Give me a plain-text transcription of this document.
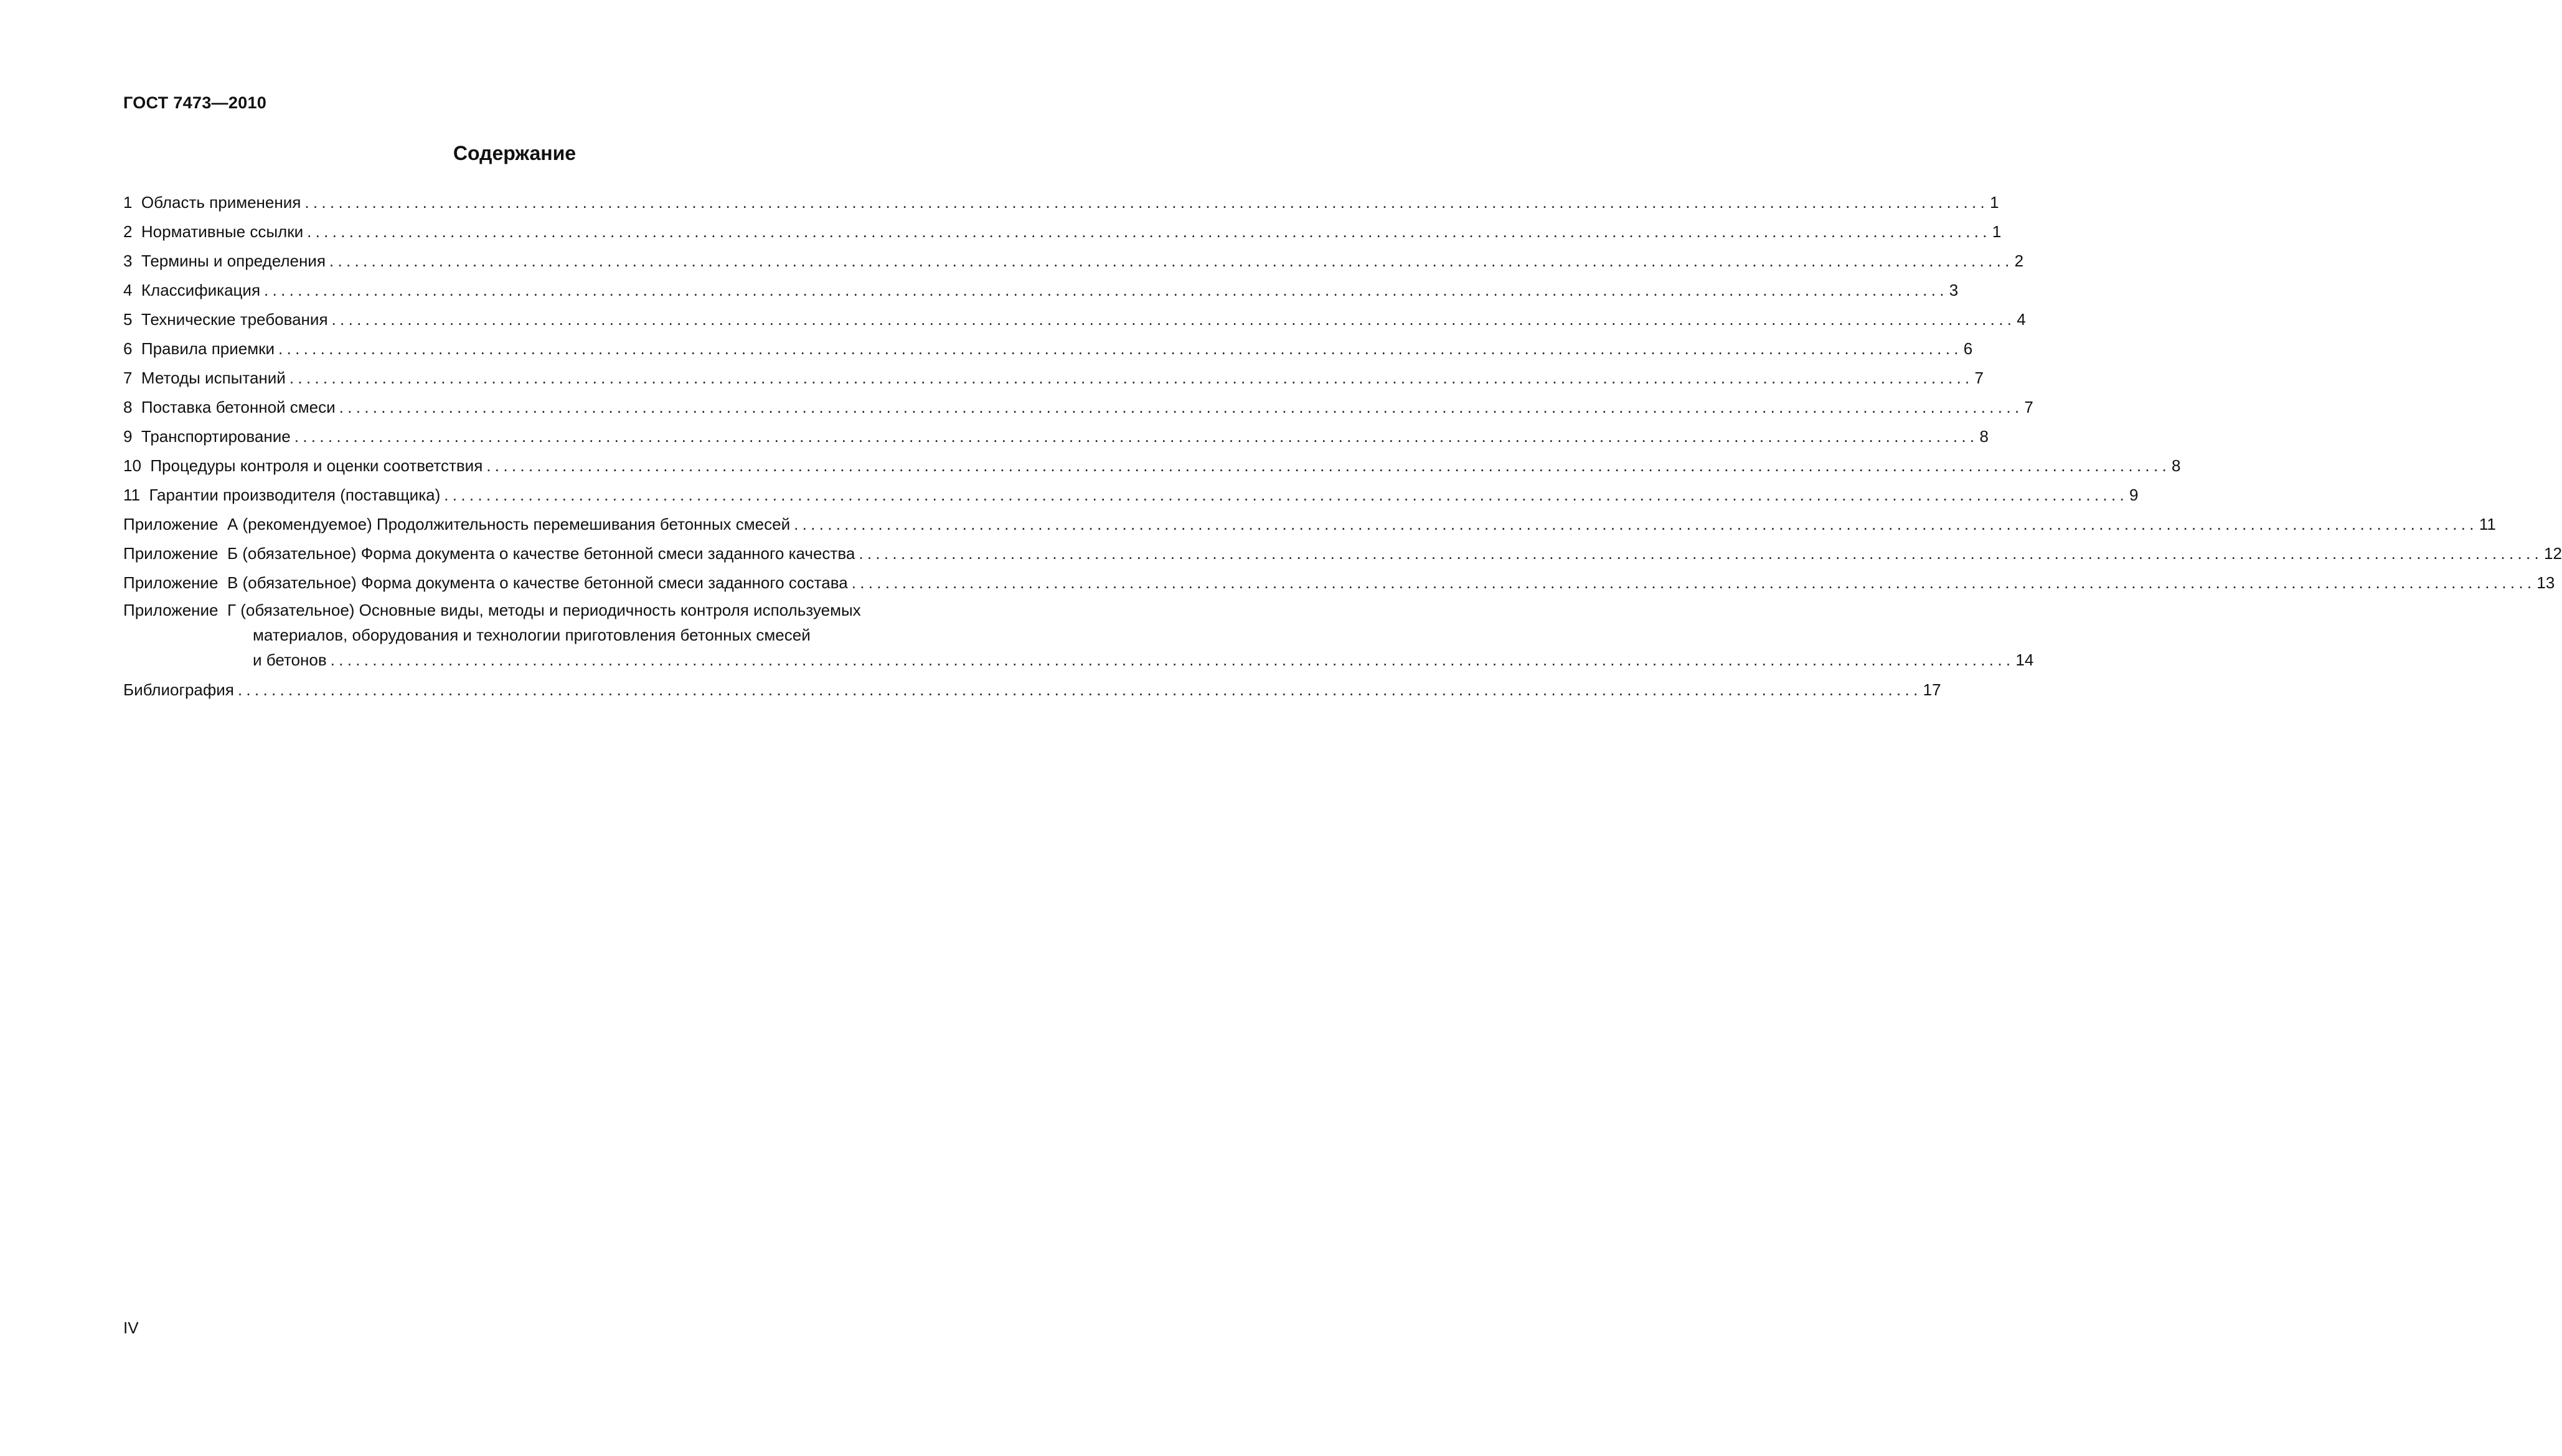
ГОСТ 7473—2010
Содержание
1  Область применения ........................................................................................................................................................................................................ 1
2  Нормативные ссылки ........................................................................................................................................................................................................ 1
3  Термины и определения ........................................................................................................................................................................................................ 2
4  Классификация ........................................................................................................................................................................................................ 3
5  Технические требования ........................................................................................................................................................................................................ 4
6  Правила приемки ........................................................................................................................................................................................................ 6
7  Методы испытаний ........................................................................................................................................................................................................ 7
8  Поставка бетонной смеси ........................................................................................................................................................................................................ 7
9  Транспортирование ........................................................................................................................................................................................................ 8
10  Процедуры контроля и оценки соответствия ........................................................................................................................................................................................................ 8
11  Гарантии производителя (поставщика) ........................................................................................................................................................................................................ 9
Приложение  А (рекомендуемое) Продолжительность перемешивания бетонных смесей ........................................................................................................................................................................................................ 11
Приложение  Б (обязательное) Форма документа о качестве бетонной смеси заданного качества ........................................................................................................................................................................................................ 12
Приложение  В (обязательное) Форма документа о качестве бетонной смеси заданного состава ........................................................................................................................................................................................................ 13
Приложение  Г (обязательное) Основные виды, методы и периодичность контроля используемых
материалов, оборудования и технологии приготовления бетонных смесей
и бетонов ........................................................................................................................................................................................................ 14
Библиография ........................................................................................................................................................................................................ 17
IV
